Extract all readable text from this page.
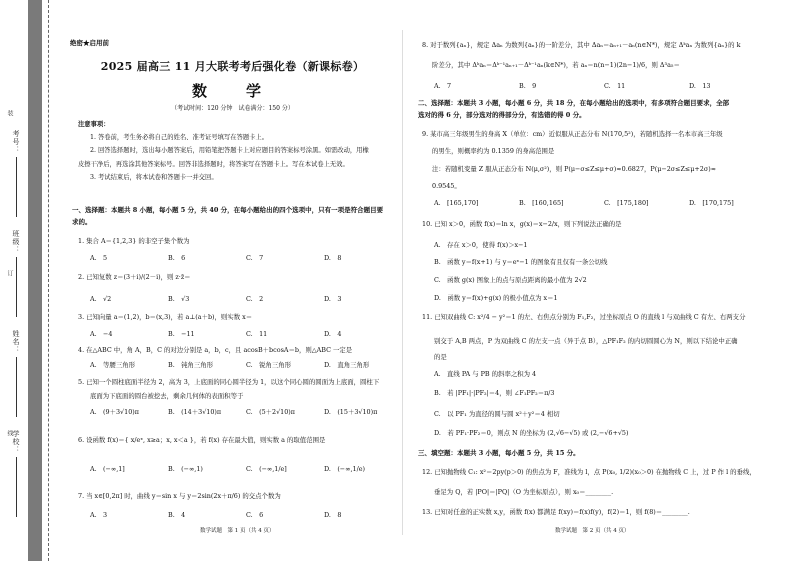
装
订
线 学校：
姓名：
班级：
考号：
绝密★启用前
2025 届高三 11 月大联考考后强化卷（新课标卷）
数　学
（考试时间：120 分钟　试卷满分：150 分）
注意事项：
1. 答卷前，考生务必将自己的姓名、准考证号填写在答题卡上。
2. 回答选择题时，选出每小题答案后，用铅笔把答题卡上对应题目的答案标号涂黑。如需改动，用橡
皮擦干净后，再选涂其他答案标号。回答非选择题时，将答案写在答题卡上。写在本试卷上无效。
3. 考试结束后，将本试卷和答题卡一并交回。
一、选择题：本题共 8 小题，每小题 5 分，共 40 分，在每小题给出的四个选项中，只有一项是符合题目要
求的。
1. 集合 A＝{1,2,3} 的非空子集个数为
A.　5	B.　6	C.　7	D.　8
2. 已知复数 z＝(3＋i)/(2－i)，则 z·z̄＝
A.　√2	B.　√3	C.　2	D.　3
3. 已知向量 a＝(1,2)，b＝(x,3)，若 a⊥(a＋b)，则实数 x＝
A.　−4	B.　−11	C.　11	D.　4
4. 在△ABC 中，角 A，B，C 的对边分别是 a，b，c，且 acosB＋bcosA＝b，则△ABC 一定是
A.　等腰三角形	B.　钝角三角形	C.　锐角三角形	D.　直角三角形
5. 已知一个圆柱底面半径为 2，高为 3，上底面的同心圆半径为 1，以这个同心圆的圆面为上底面，圆柱下
底面为下底面的圆台被挖去，剩余几何体的表面积等于
A.　(9＋3√10)π	B.　(14＋3√10)π	C.　(5＋2√10)π	D.　(15＋3√10)π
6. 设函数 f(x)＝{ x/eˣ, x≥a；x, x＜a }，若 f(x) 存在最大值，则实数 a 的取值范围是
A.　(−∞,1]	B.　(−∞,1)	C.　(−∞,1/e]	D.　(−∞,1/e)
7. 当 x∈[0,2π] 时，曲线 y＝sin x 与 y＝2sin(2x＋π/6) 的交点个数为
A.　3	B.　4	C.　6	D.　8
数学试题　第 1 页（共 4 页）
8. 对于数列{aₙ}，规定 Δaₙ 为数列{aₙ}的一阶差分，其中 Δaₙ＝aₙ₊₁－aₙ(n∈N*)，规定 Δᵏaₙ 为数列{aₙ}的 k
阶差分，其中 Δᵏaₙ＝Δᵏ⁻¹aₙ₊₁－Δᵏ⁻¹aₙ(k∈N*)，若 aₙ＝n(n−1)(2n−1)/6，则 Δ³a₅＝
A.　7	B.　9	C.　11	D.　13
二、选择题：本题共 3 小题，每小题 6 分，共 18 分，在每小题给出的选项中，有多项符合题目要求，全部
选对的得 6 分，部分选对的得部分分，有选错的得 0 分。
9. 某市高三年级男生的身高 X（单位：cm）近似服从正态分布 N(170,5²)，若随机选择一名本市高三年级
的男生，则概率约为 0.1359 的身高范围是
注：若随机变量 Z 服从正态分布 N(μ,σ²)，则 P(μ−σ≤Z≤μ+σ)≈0.6827，P(μ−2σ≤Z≤μ+2σ)≈
0.9545。
A.　[165,170]	B.　[160,165]	C.　[175,180]	D.　[170,175]
10. 已知 x＞0，函数 f(x)＝ln x，g(x)＝x−2/x，则下列说法正确的是
A.　存在 x＞0，使得 f(x)＞x−1
B.　函数 y＝f(x+1) 与 y＝eˣ−1 的图象有且仅有一条公切线
C.　函数 g(x) 图象上的点与原点距离的最小值为 2√2
D.　函数 y＝f(x)+g(x) 的极小值点为 x＝1
11. 已知双曲线 C: x²/4 − y²＝1 的左、右焦点分别为 F₁,F₂，过坐标原点 O 的直线 l 与双曲线 C 有左、右两支分
别交于 A,B 两点，P 为双曲线 C 的左支一点（异于点 B），△PF₁F₂ 的内切圆圆心为 N，则以下结论中正确
的是
A.　直线 PA 与 PB 的斜率之积为 4
B.　若 |PF₁|·|PF₂|＝4，则 ∠F₁PF₂＝π/3
C.　以 PF₁ 为直径的圆与圆 x²＋y²＝4 相切
D.　若 PF₁·PF₂＝0，则点 N 的坐标为 (2,√6−√5) 或 (2,−√6+√5)
三、填空题：本题共 3 小题，每小题 5 分，共 15 分。
12. 已知抛物线 C₁: x²＝2py(p＞0) 的焦点为 F，准线为 l，点 P(x₀, 1/2)(x₀＞0) 在抛物线 C 上，过 P 作 l 的垂线，
垂足为 Q，若 |PO|＝|PQ|（O 为坐标原点），则 x₀＝________.
13. 已知对任意的正实数 x,y，函数 f(x) 都满足 f(xy)＝f(x)f(y)，f(2)＝1，则 f(8)＝________.
数学试题　第 2 页（共 4 页）
